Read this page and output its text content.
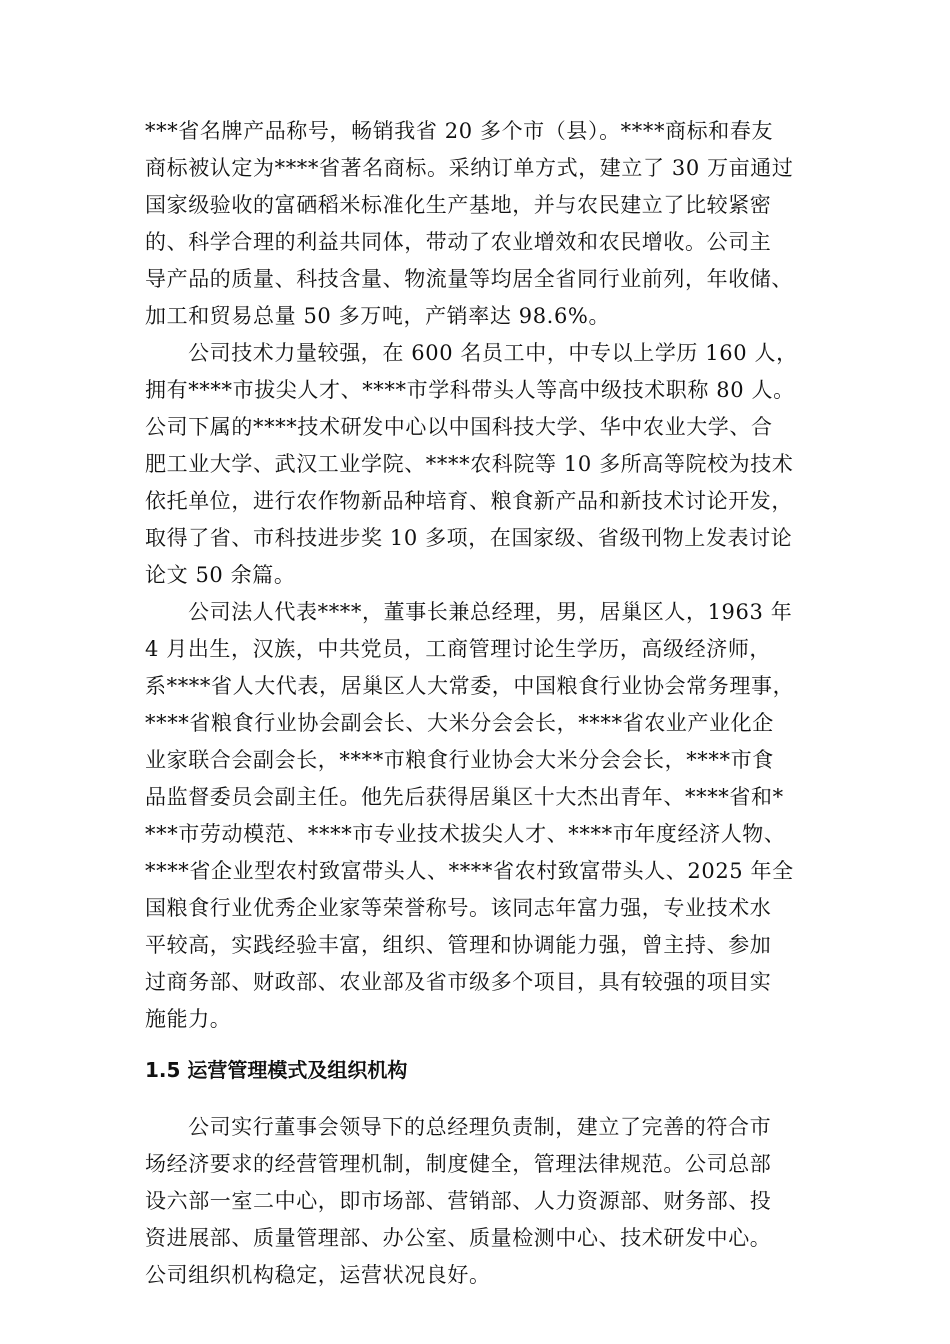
***省名牌产品称号，畅销我省 20 多个市（县）。****商标和春友
商标被认定为****省著名商标。采纳订单方式，建立了 30 万亩通过
国家级验收的富硒稻米标准化生产基地，并与农民建立了比较紧密
的、科学合理的利益共同体，带动了农业增效和农民增收。公司主
导产品的质量、科技含量、物流量等均居全省同行业前列，年收储、
加工和贸易总量 50 多万吨，产销率达 98.6%。
公司技术力量较强，在 600 名员工中，中专以上学历 160 人，
拥有****市拔尖人才、****市学科带头人等高中级技术职称 80 人。
公司下属的****技术研发中心以中国科技大学、华中农业大学、合
肥工业大学、武汉工业学院、****农科院等 10 多所高等院校为技术
依托单位，进行农作物新品种培育、粮食新产品和新技术讨论开发，
取得了省、市科技进步奖 10 多项，在国家级、省级刊物上发表讨论
论文 50 余篇。
公司法人代表****，董事长兼总经理，男，居巢区人，1963 年
4 月出生，汉族，中共党员，工商管理讨论生学历，高级经济师，
系****省人大代表，居巢区人大常委，中国粮食行业协会常务理事，
****省粮食行业协会副会长、大米分会会长，****省农业产业化企
业家联合会副会长，****市粮食行业协会大米分会会长，****市食
品监督委员会副主任。他先后获得居巢区十大杰出青年、****省和*
***市劳动模范、****市专业技术拔尖人才、****市年度经济人物、
****省企业型农村致富带头人、****省农村致富带头人、2025 年全
国粮食行业优秀企业家等荣誉称号。该同志年富力强，专业技术水
平较高，实践经验丰富，组织、管理和协调能力强，曾主持、参加
过商务部、财政部、农业部及省市级多个项目，具有较强的项目实
施能力。
1.5 运营管理模式及组织机构
公司实行董事会领导下的总经理负责制，建立了完善的符合市
场经济要求的经营管理机制，制度健全，管理法律规范。公司总部
设六部一室二中心，即市场部、营销部、人力资源部、财务部、投
资进展部、质量管理部、办公室、质量检测中心、技术研发中心。
公司组织机构稳定，运营状况良好。
